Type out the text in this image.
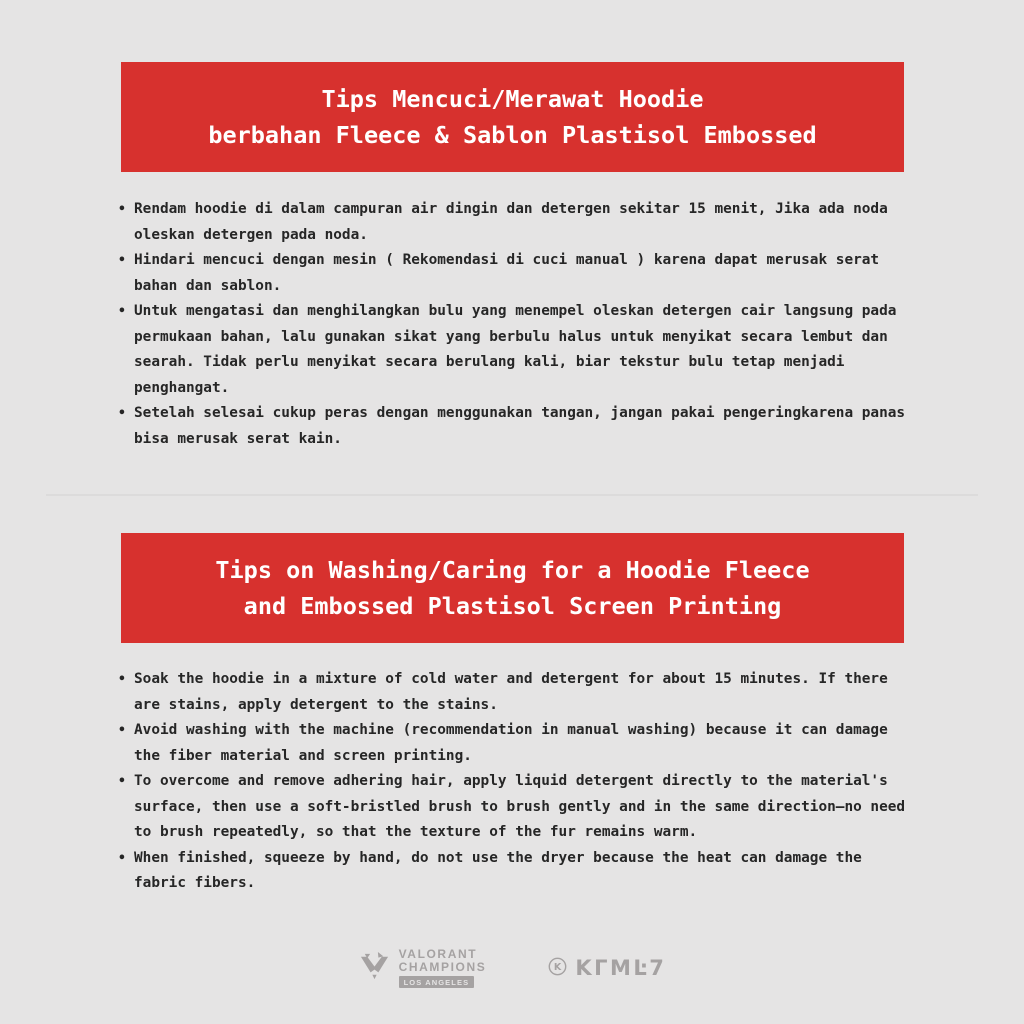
Tips Mencuci/Merawat Hoodie
berbahan Fleece & Sablon Plastisol Embossed
• Rendam hoodie di dalam campuran air dingin dan detergen sekitar 15 menit, Jika ada noda oleskan detergen pada noda.
• Hindari mencuci dengan mesin ( Rekomendasi di cuci manual ) karena dapat merusak serat bahan dan sablon.
• Untuk mengatasi dan menghilangkan bulu yang menempel oleskan detergen cair langsung pada permukaan bahan, lalu gunakan sikat yang berbulu halus untuk menyikat secara lembut dan searah. Tidak perlu menyikat secara berulang kali, biar tekstur bulu tetap menjadi penghangat.
• Setelah selesai cukup peras dengan menggunakan tangan, jangan pakai pengeringkarena panas bisa merusak serat kain.
Tips on Washing/Caring for a Hoodie Fleece
and Embossed Plastisol Screen Printing
• Soak the hoodie in a mixture of cold water and detergent for about 15 minutes. If there are stains, apply detergent to the stains.
• Avoid washing with the machine (recommendation in manual washing) because it can damage the fiber material and screen printing.
• To overcome and remove adhering hair, apply liquid detergent directly to the material's surface, then use a soft-bristled brush to brush gently and in the same direction—no need to brush repeatedly, so that the texture of the fur remains warm.
• When finished, squeeze by hand, do not use the dryer because the heat can damage the fabric fibers.
VALORANT
CHAMPIONS
LOS ANGELES
K KΓMĿ7
